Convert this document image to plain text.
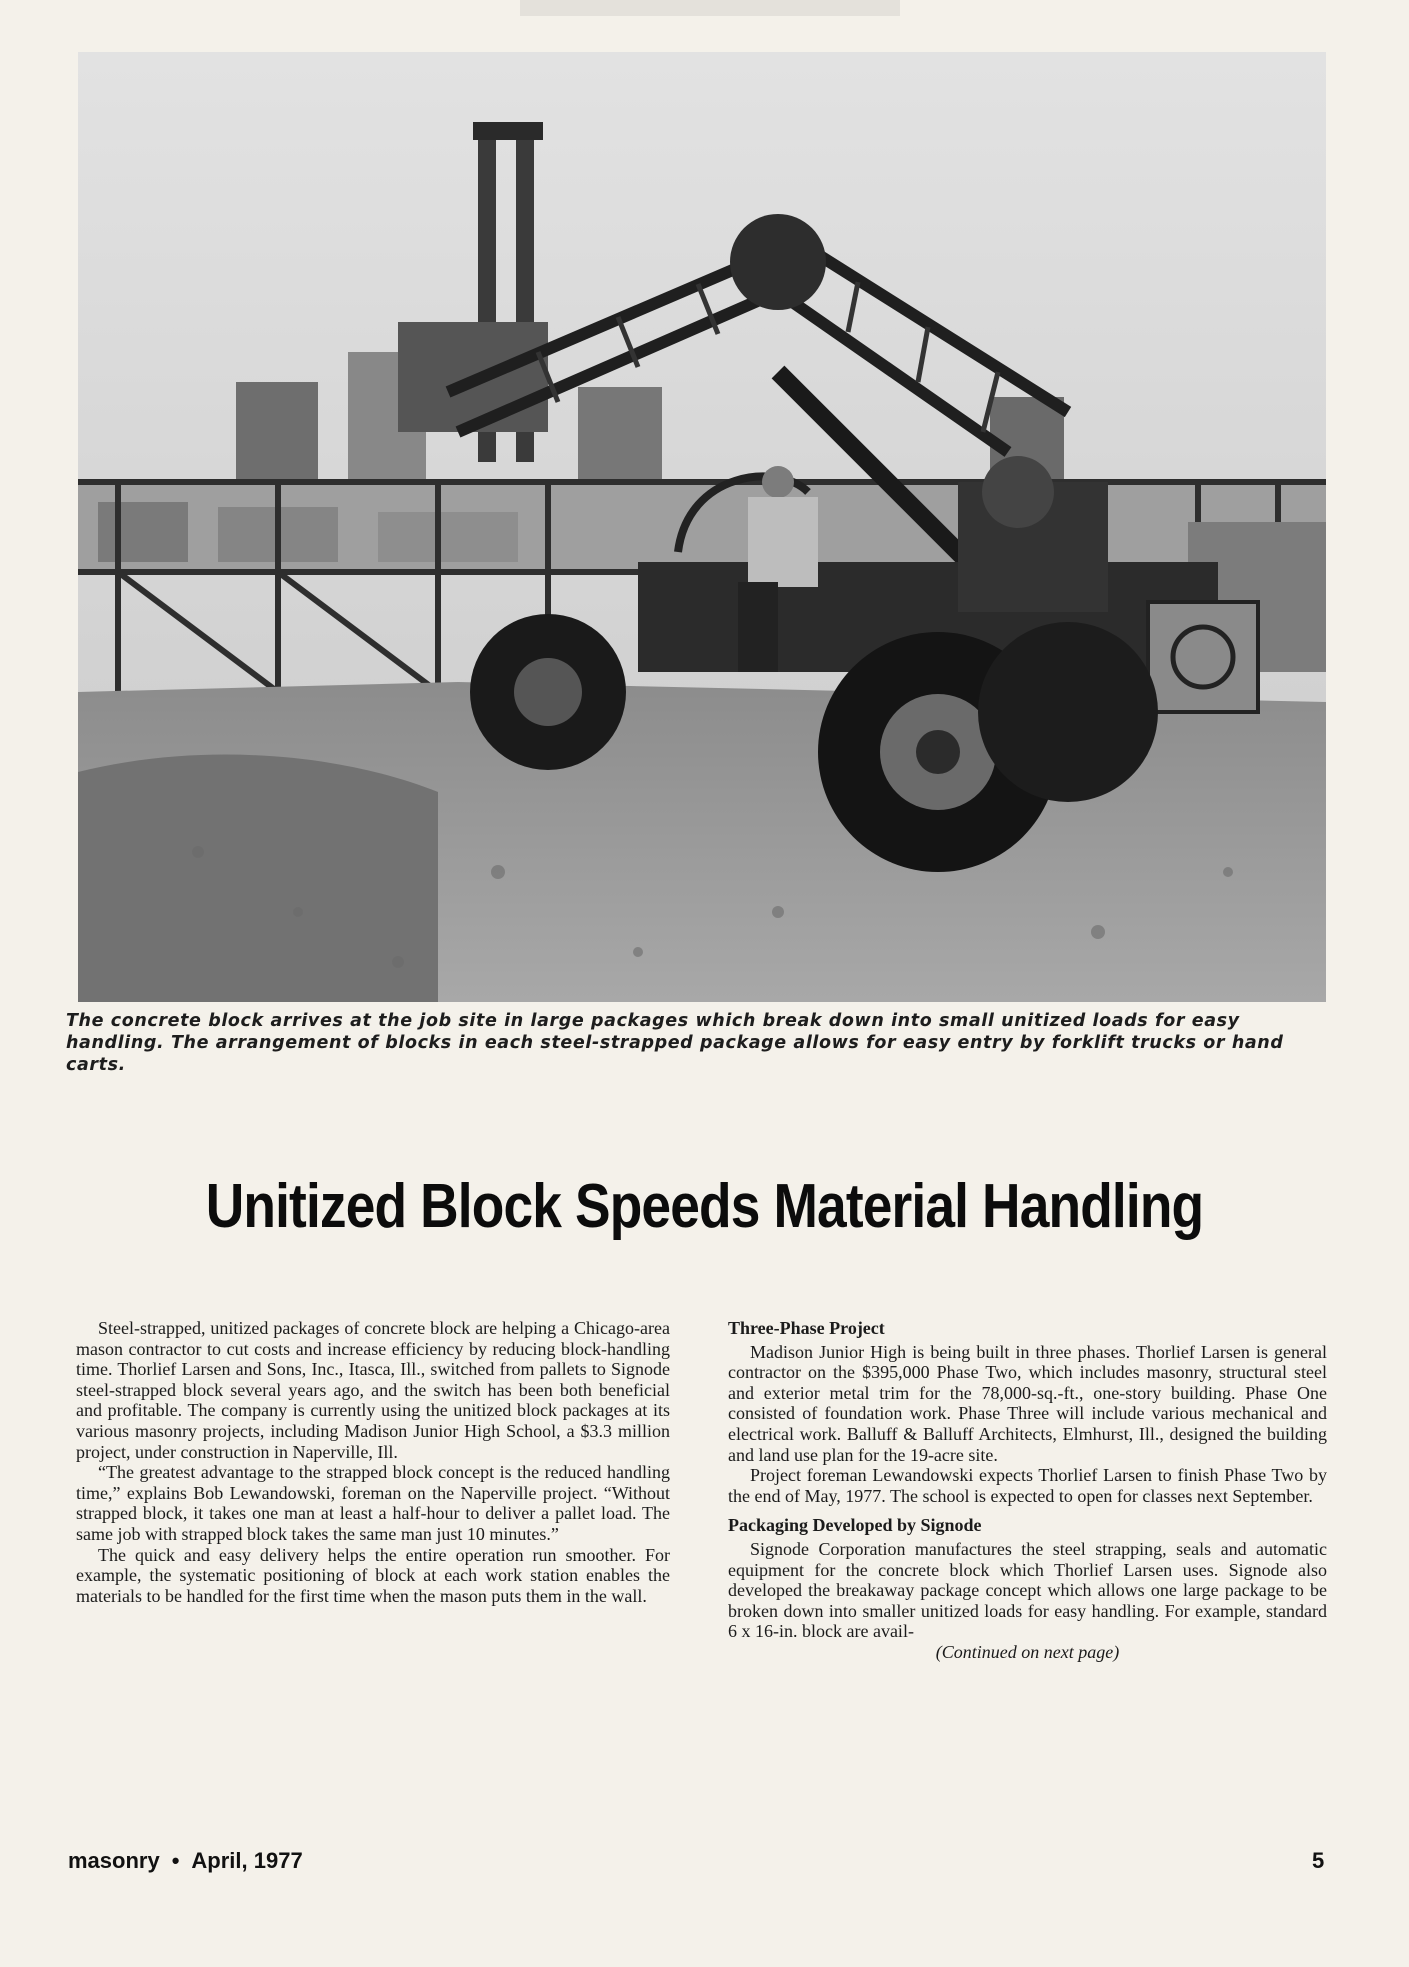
The concrete block arrives at the job site in large packages which break down into small unitized loads for easy handling. The arrangement of blocks in each steel-strapped package allows for easy entry by forklift trucks or hand carts.

Unitized Block Speeds Material Handling

Steel-strapped, unitized packages of concrete block are helping a Chicago-area mason contractor to cut costs and increase efficiency by reducing block-handling time. Thorlief Larsen and Sons, Inc., Itasca, Ill., switched from pallets to Signode steel-strapped block several years ago, and the switch has been both beneficial and profitable. The company is currently using the unitized block packages at its various masonry projects, including Madison Junior High School, a $3.3 million project, under construction in Naperville, Ill.

“The greatest advantage to the strapped block concept is the reduced handling time,” explains Bob Lewandowski, foreman on the Naperville project. “Without strapped block, it takes one man at least a half-hour to deliver a pallet load. The same job with strapped block takes the same man just 10 minutes.”

The quick and easy delivery helps the entire operation run smoother. For example, the systematic positioning of block at each work station enables the materials to be handled for the first time when the mason puts them in the wall.

Three-Phase Project

Madison Junior High is being built in three phases. Thorlief Larsen is general contractor on the $395,000 Phase Two, which includes masonry, structural steel and exterior metal trim for the 78,000-sq.-ft., one-story building. Phase One consisted of foundation work. Phase Three will include various mechanical and electrical work. Balluff & Balluff Architects, Elmhurst, Ill., designed the building and land use plan for the 19-acre site.

Project foreman Lewandowski expects Thorlief Larsen to finish Phase Two by the end of May, 1977. The school is expected to open for classes next September.

Packaging Developed by Signode

Signode Corporation manufactures the steel strapping, seals and automatic equipment for the concrete block which Thorlief Larsen uses. Signode also developed the breakaway package concept which allows one large package to be broken down into smaller unitized loads for easy handling. For example, standard 6 x 16-in. block are avail-

(Continued on next page)

masonry • April, 1977	5
